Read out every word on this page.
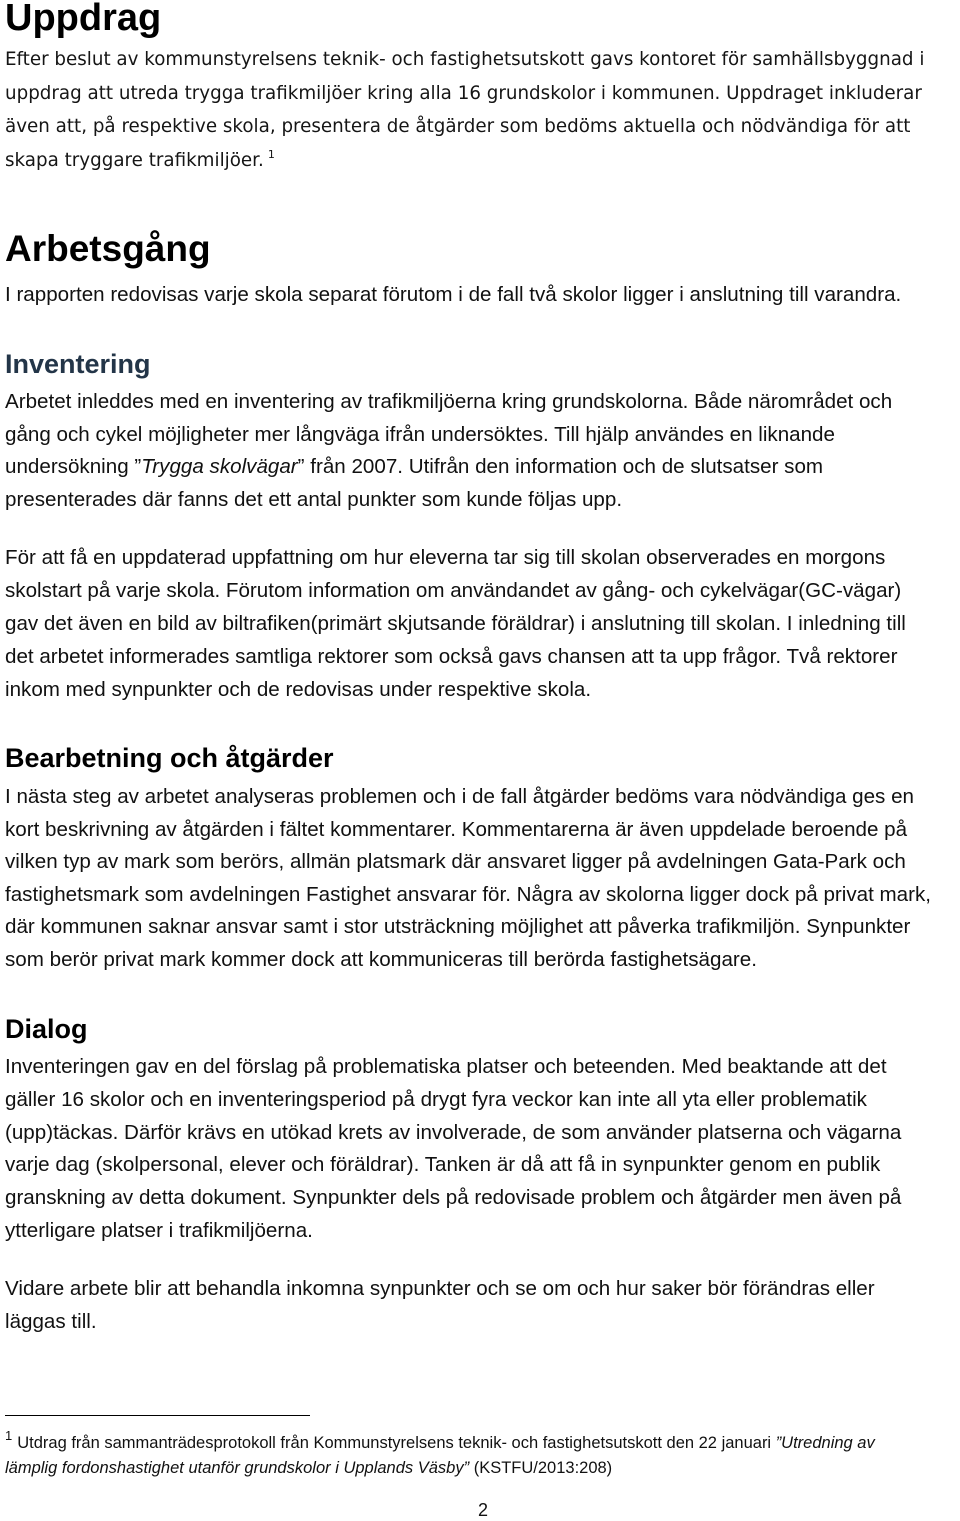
Uppdrag
Efter beslut av kommunstyrelsens teknik- och fastighetsutskott gavs kontoret för samhällsbyggnad i
uppdrag att utreda trygga trafikmiljöer kring alla 16 grundskolor i kommunen. Uppdraget inkluderar
även att, på respektive skola, presentera de åtgärder som bedöms aktuella och nödvändiga för att
skapa tryggare trafikmiljöer. $^1$
Arbetsgång
I rapporten redovisas varje skola separat förutom i de fall två skolor ligger i anslutning till varandra.
Inventering
Arbetet inleddes med en inventering av trafikmiljöerna kring grundskolorna. Både närområdet och
gång och cykel möjligheter mer långväga ifrån undersöktes. Till hjälp användes en liknande
undersökning ”Trygga skolvägar” från 2007. Utifrån den information och de slutsatser som
presenterades där fanns det ett antal punkter som kunde följas upp.
För att få en uppdaterad uppfattning om hur eleverna tar sig till skolan observerades en morgons
skolstart på varje skola. Förutom information om användandet av gång- och cykelvägar(GC-vägar)
gav det även en bild av biltrafiken(primärt skjutsande föräldrar) i anslutning till skolan. I inledning till
det arbetet informerades samtliga rektorer som också gavs chansen att ta upp frågor. Två rektorer
inkom med synpunkter och de redovisas under respektive skola.
Bearbetning och åtgärder
I nästa steg av arbetet analyseras problemen och i de fall åtgärder bedöms vara nödvändiga ges en
kort beskrivning av åtgärden i fältet kommentarer. Kommentarerna är även uppdelade beroende på
vilken typ av mark som berörs, allmän platsmark där ansvaret ligger på avdelningen Gata-Park och
fastighetsmark som avdelningen Fastighet ansvarar för. Några av skolorna ligger dock på privat mark,
där kommunen saknar ansvar samt i stor utsträckning möjlighet att påverka trafikmiljön. Synpunkter
som berör privat mark kommer dock att kommuniceras till berörda fastighetsägare.
Dialog
Inventeringen gav en del förslag på problematiska platser och beteenden. Med beaktande att det
gäller 16 skolor och en inventeringsperiod på drygt fyra veckor kan inte all yta eller problematik
(upp)täckas. Därför krävs en utökad krets av involverade, de som använder platserna och vägarna
varje dag (skolpersonal, elever och föräldrar). Tanken är då att få in synpunkter genom en publik
granskning av detta dokument. Synpunkter dels på redovisade problem och åtgärder men även på
ytterligare platser i trafikmiljöerna.
Vidare arbete blir att behandla inkomna synpunkter och se om och hur saker bör förändras eller
läggas till.
$^1$ Utdrag från sammanträdesprotokoll från Kommunstyrelsens teknik- och fastighetsutskott den 22 januari ”Utredning av
lämplig fordonshastighet utanför grundskolor i Upplands Väsby” (KSTFU/2013:208)
2
